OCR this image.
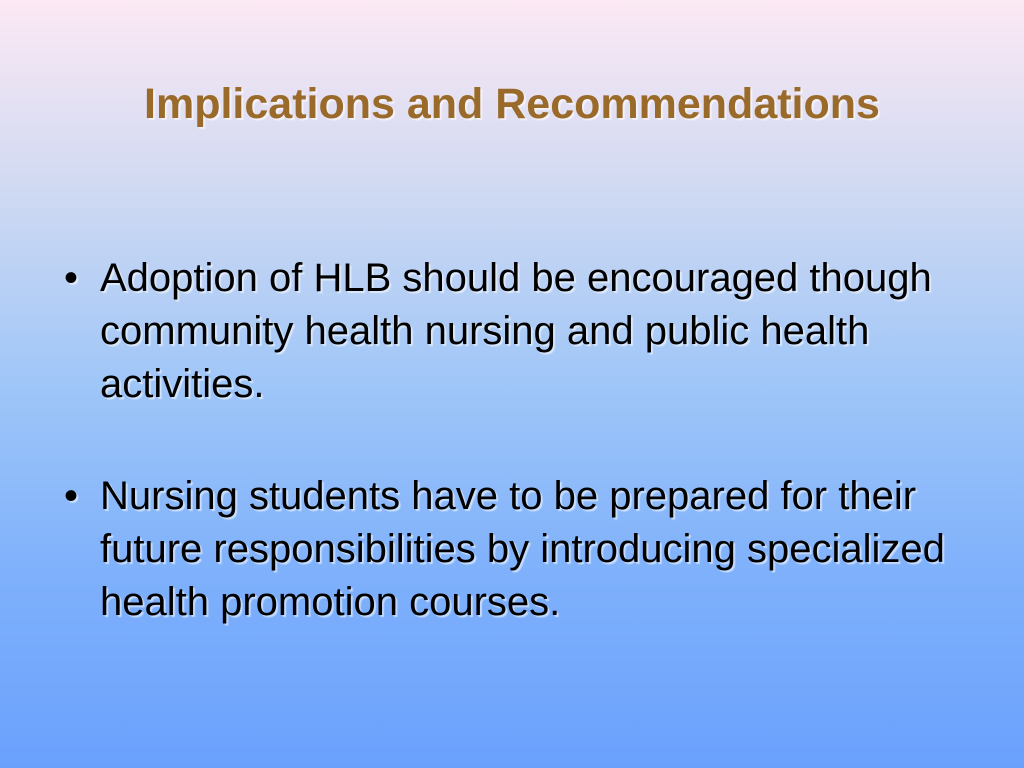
Implications and Recommendations
• Adoption of HLB should be encouraged though community health nursing and public health activities.
• Nursing students have to be prepared for their future responsibilities by introducing specialized health promotion courses.
